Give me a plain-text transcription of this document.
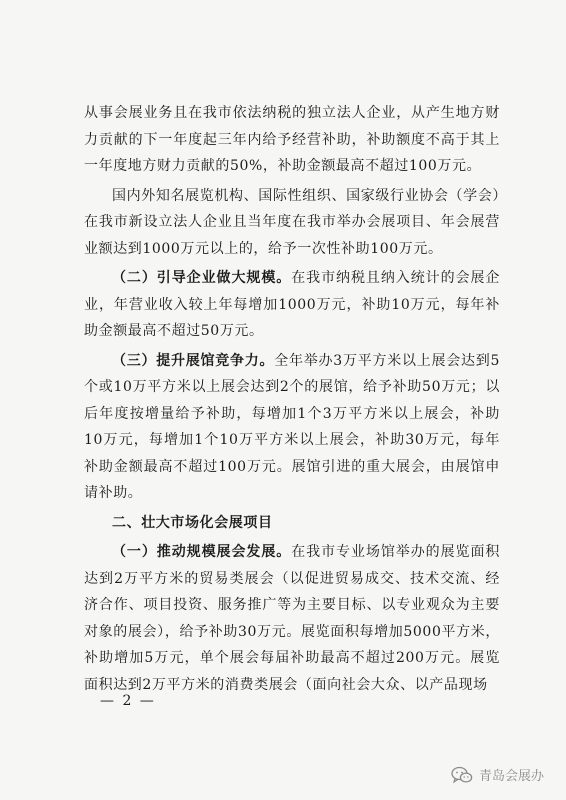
从事会展业务且在我市依法纳税的独立法人企业，从产生地方财力贡献的下一年度起三年内给予经营补助，补助额度不高于其上一年度地方财力贡献的50%，补助金额最高不超过100万元。

国内外知名展览机构、国际性组织、国家级行业协会（学会）在我市新设立法人企业且当年度在我市举办会展项目、年会展营业额达到1000万元以上的，给予一次性补助100万元。

（二）引导企业做大规模。在我市纳税且纳入统计的会展企业，年营业收入较上年每增加1000万元，补助10万元，每年补助金额最高不超过50万元。

（三）提升展馆竞争力。全年举办3万平方米以上展会达到5个或10万平方米以上展会达到2个的展馆，给予补助50万元；以后年度按增量给予补助，每增加1个3万平方米以上展会，补助10万元，每增加1个10万平方米以上展会，补助30万元，每年补助金额最高不超过100万元。展馆引进的重大展会，由展馆申请补助。

二、壮大市场化会展项目

（一）推动规模展会发展。在我市专业场馆举办的展览面积达到2万平方米的贸易类展会（以促进贸易成交、技术交流、经济合作、项目投资、服务推广等为主要目标、以专业观众为主要对象的展会），给予补助30万元。展览面积每增加5000平方米，补助增加5万元，单个展会每届补助最高不超过200万元。展览面积达到2万平方米的消费类展会（面向社会大众、以产品现场

— 2 —
青岛会展办
